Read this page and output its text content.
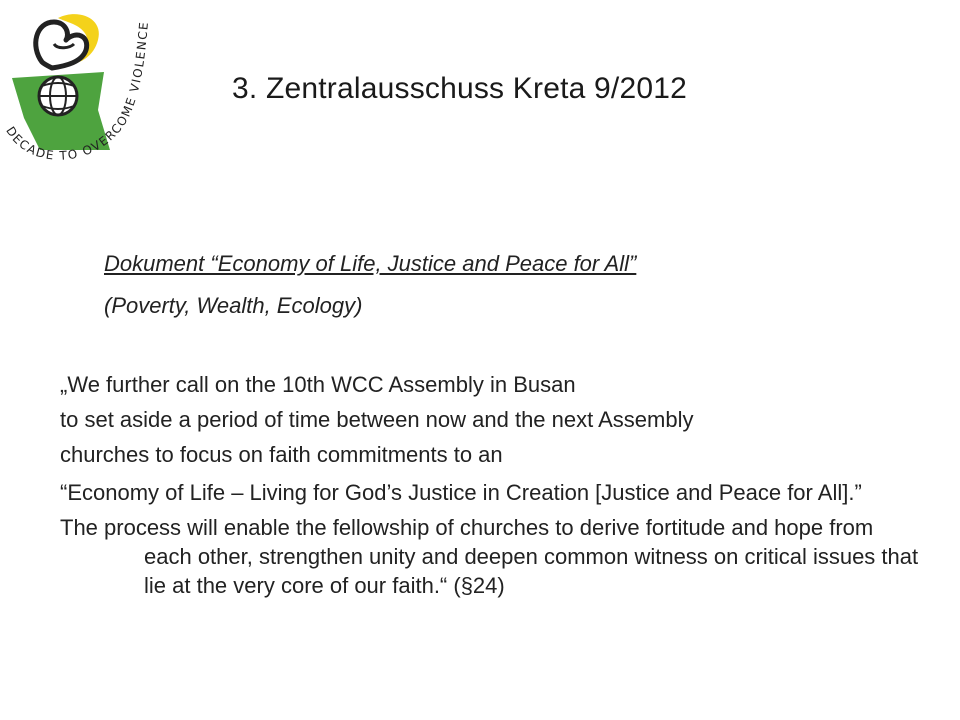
DECADE TO OVERCOME VIOLENCE
3. Zentralausschuss Kreta 9/2012
Dokument “Economy of Life, Justice and Peace for All”
(Poverty, Wealth, Ecology)

„We further call on the 10th WCC Assembly in Busan

to set aside a period of time between now and the next Assembly

churches to focus on faith commitments to an

“Economy of Life – Living for God’s Justice in Creation [Justice and Peace for All].”

The process will enable the fellowship of churches to derive fortitude and hope from each other, strengthen unity and deepen common witness on critical issues that lie at the very core of our faith.“ (§24)
